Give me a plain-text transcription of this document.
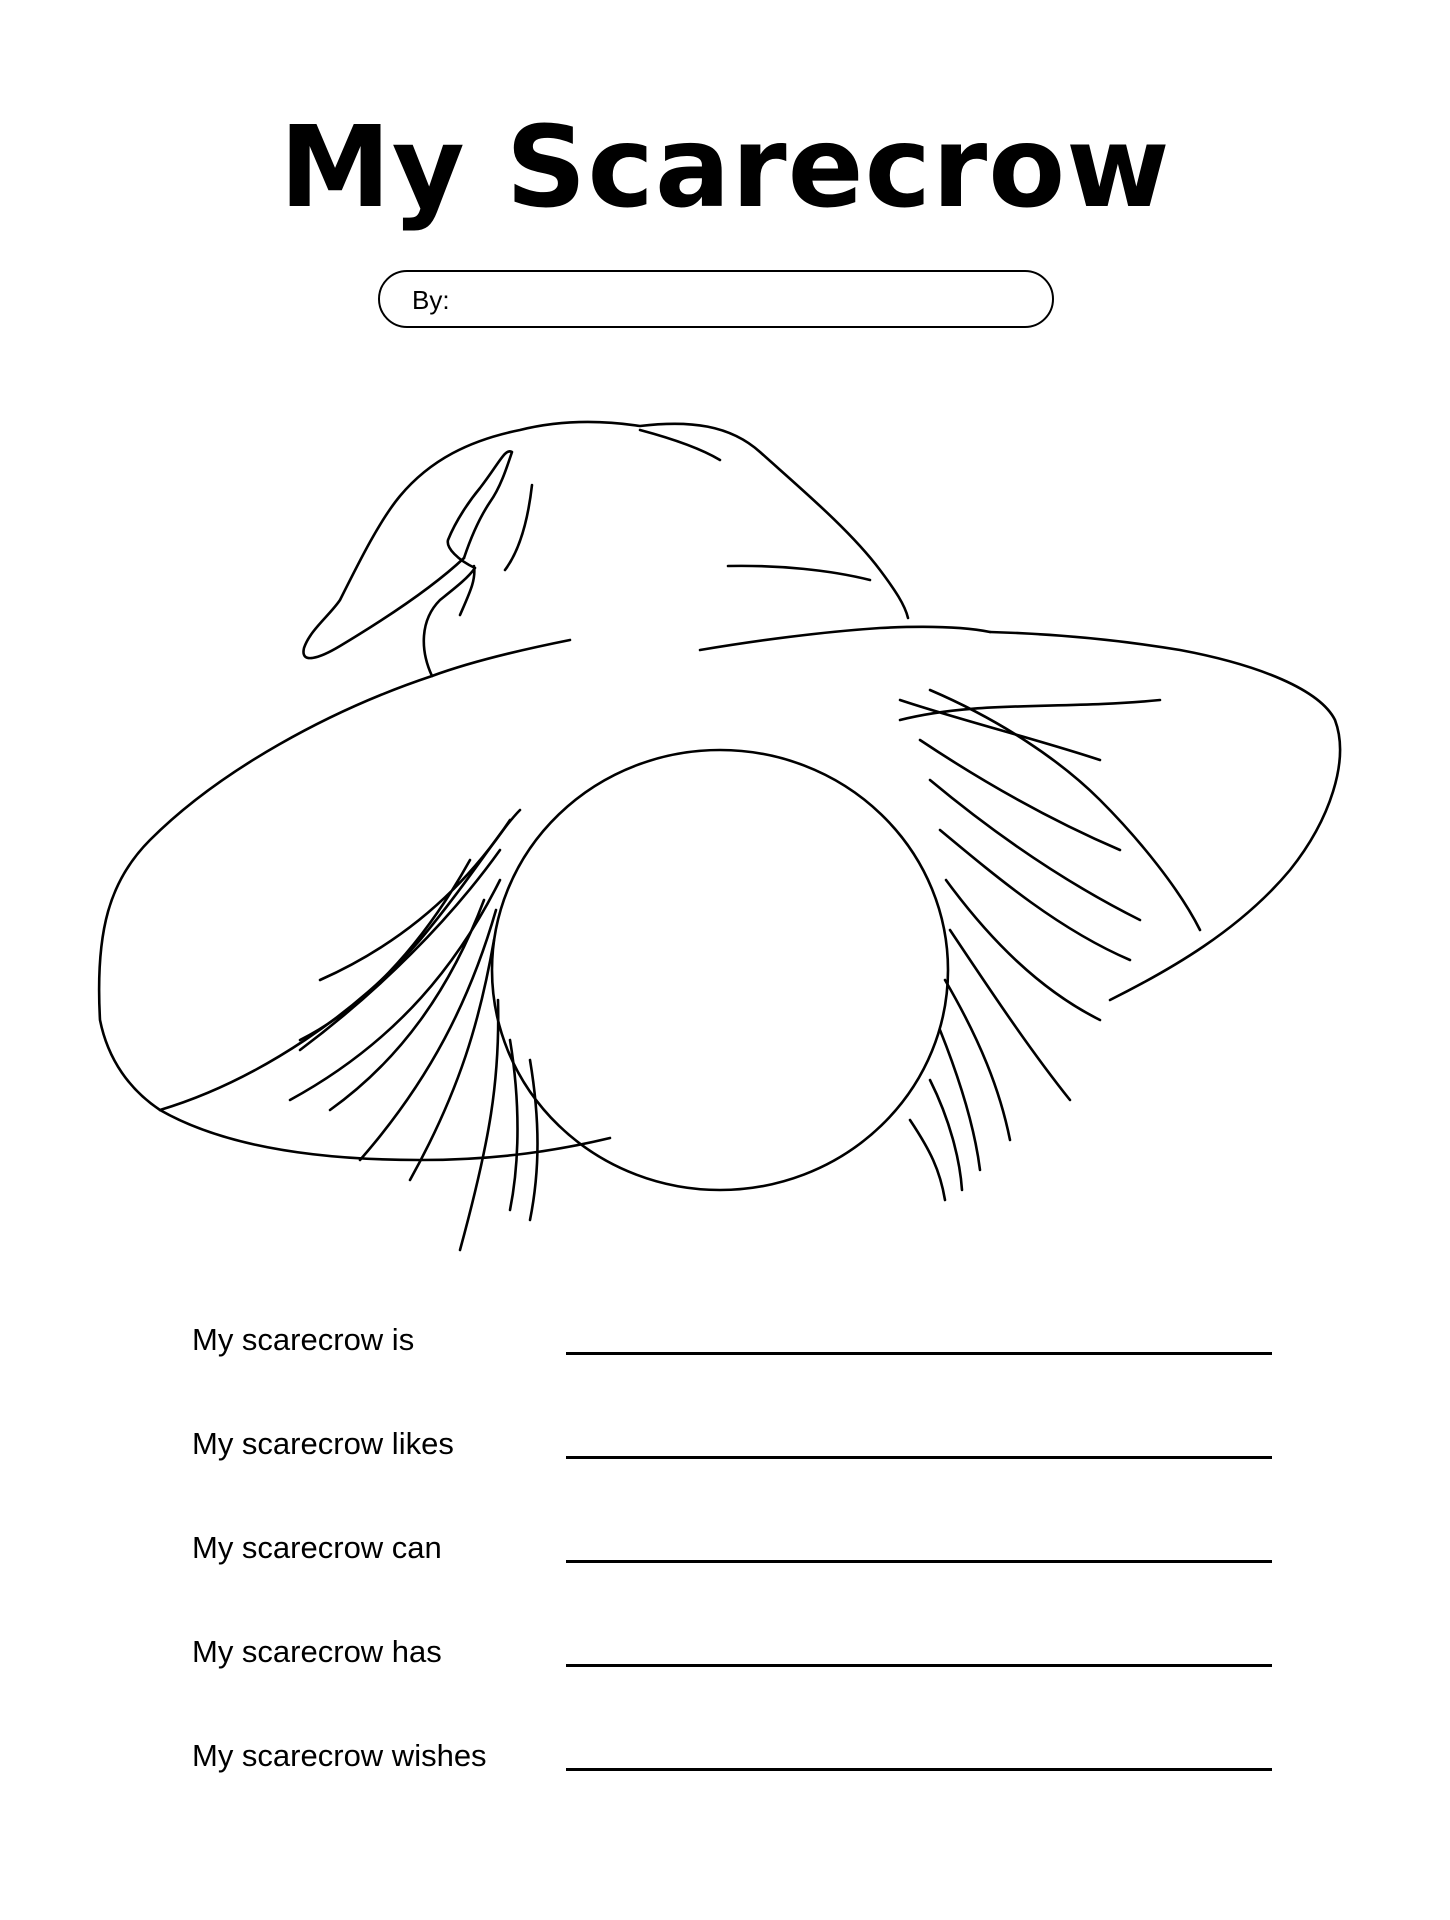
My Scarecrow
By:
My scarecrow is
My scarecrow likes
My scarecrow can
My scarecrow has
My scarecrow wishes
